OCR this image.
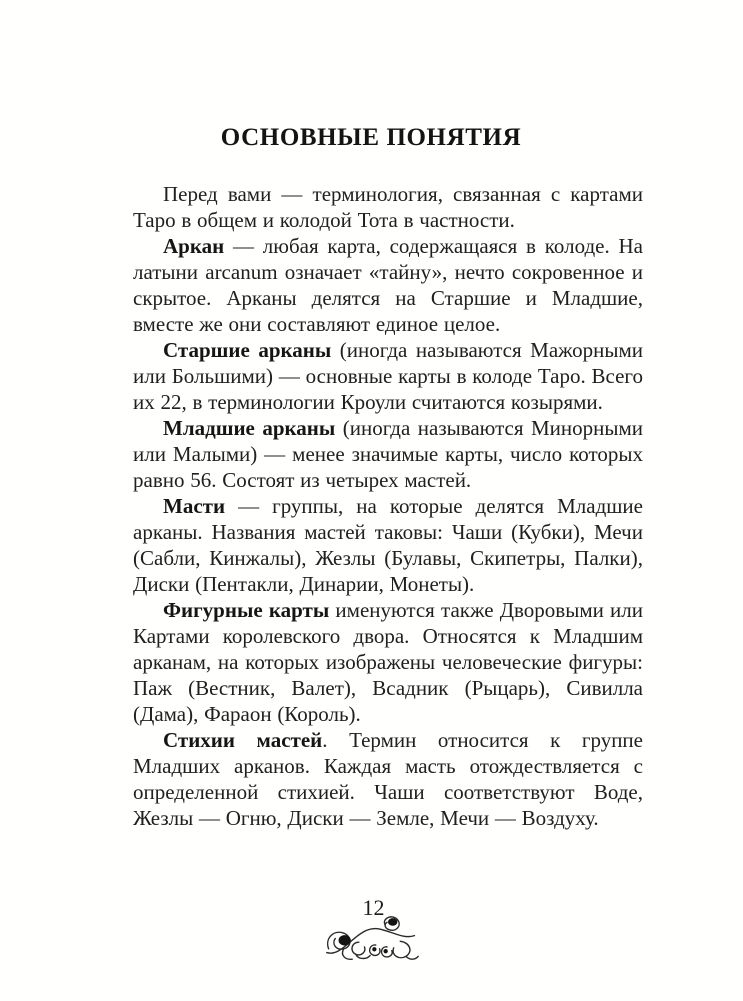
ОСНОВНЫЕ ПОНЯТИЯ

Перед вами — терминология, связанная с картами Таро в общем и колодой Тота в частности.

Аркан — любая карта, содержащаяся в колоде. На латыни arcanum означает «тайну», нечто сокровенное и скрытое. Арканы делятся на Старшие и Младшие, вместе же они составляют единое целое.

Старшие арканы (иногда называются Мажорными или Большими) — основные карты в колоде Таро. Всего их 22, в терминологии Кроули считаются козырями.

Младшие арканы (иногда называются Минорными или Малыми) — менее значимые карты, число которых равно 56. Состоят из четырех мастей.

Масти — группы, на которые делятся Младшие арканы. Названия мастей таковы: Чаши (Кубки), Мечи (Сабли, Кинжалы), Жезлы (Булавы, Скипетры, Палки), Диски (Пентакли, Динарии, Монеты).

Фигурные карты именуются также Дворовыми или Картами королевского двора. Относятся к Младшим арканам, на которых изображены человеческие фигуры: Паж (Вестник, Валет), Всадник (Рыцарь), Сивилла (Дама), Фараон (Король).

Стихии мастей. Термин относится к группе Младших арканов. Каждая масть отождествляется с определенной стихией. Чаши соответствуют Воде, Жезлы — Огню, Диски — Земле, Мечи — Воздуху.

12
